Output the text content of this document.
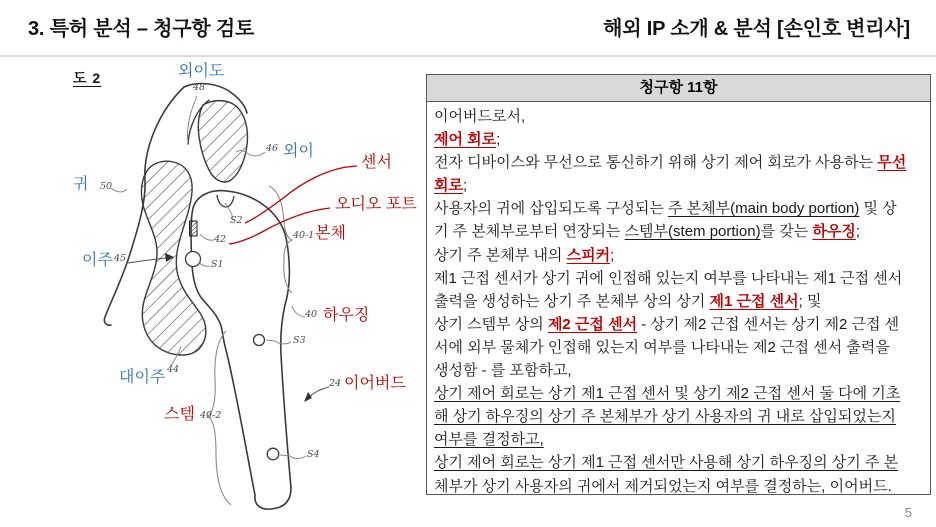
3. 특허 분석 – 청구항 검토	해외 IP 소개 & 분석 [손인호 변리사]
도 2	외이도
외이
귀
이주
대이주
센서
오디오 포트
본체
하우징
이어버드
스템
48
46
50
45
44
42	40-1
40
40-2
24
S1
S2
S3
S4
청구항 11항
이어버드로서,
제어 회로;
전자 디바이스와 무선으로 통신하기 위해 상기 제어 회로가 사용하는 무선
회로;
사용자의 귀에 삽입되도록 구성되는 주 본체부(main body portion) 및 상
기 주 본체부로부터 연장되는 스템부(stem portion)를 갖는 하우징;
상기 주 본체부 내의 스피커;
제1 근접 센서가 상기 귀에 인접해 있는지 여부를 나타내는 제1 근접 센서
출력을 생성하는 상기 주 본체부 상의 상기 제1 근접 센서; 및
상기 스템부 상의 제2 근접 센서 - 상기 제2 근접 센서는 상기 제2 근접 센
서에 외부 물체가 인접해 있는지 여부를 나타내는 제2 근접 센서 출력을
생성함 - 를 포함하고,
상기 제어 회로는 상기 제1 근접 센서 및 상기 제2 근접 센서 둘 다에 기초
해 상기 하우징의 상기 주 본체부가 상기 사용자의 귀 내로 삽입되었는지
여부를 결정하고,
상기 제어 회로는 상기 제1 근접 센서만 사용해 상기 하우징의 상기 주 본
체부가 상기 사용자의 귀에서 제거되었는지 여부를 결정하는, 이어버드.
5
